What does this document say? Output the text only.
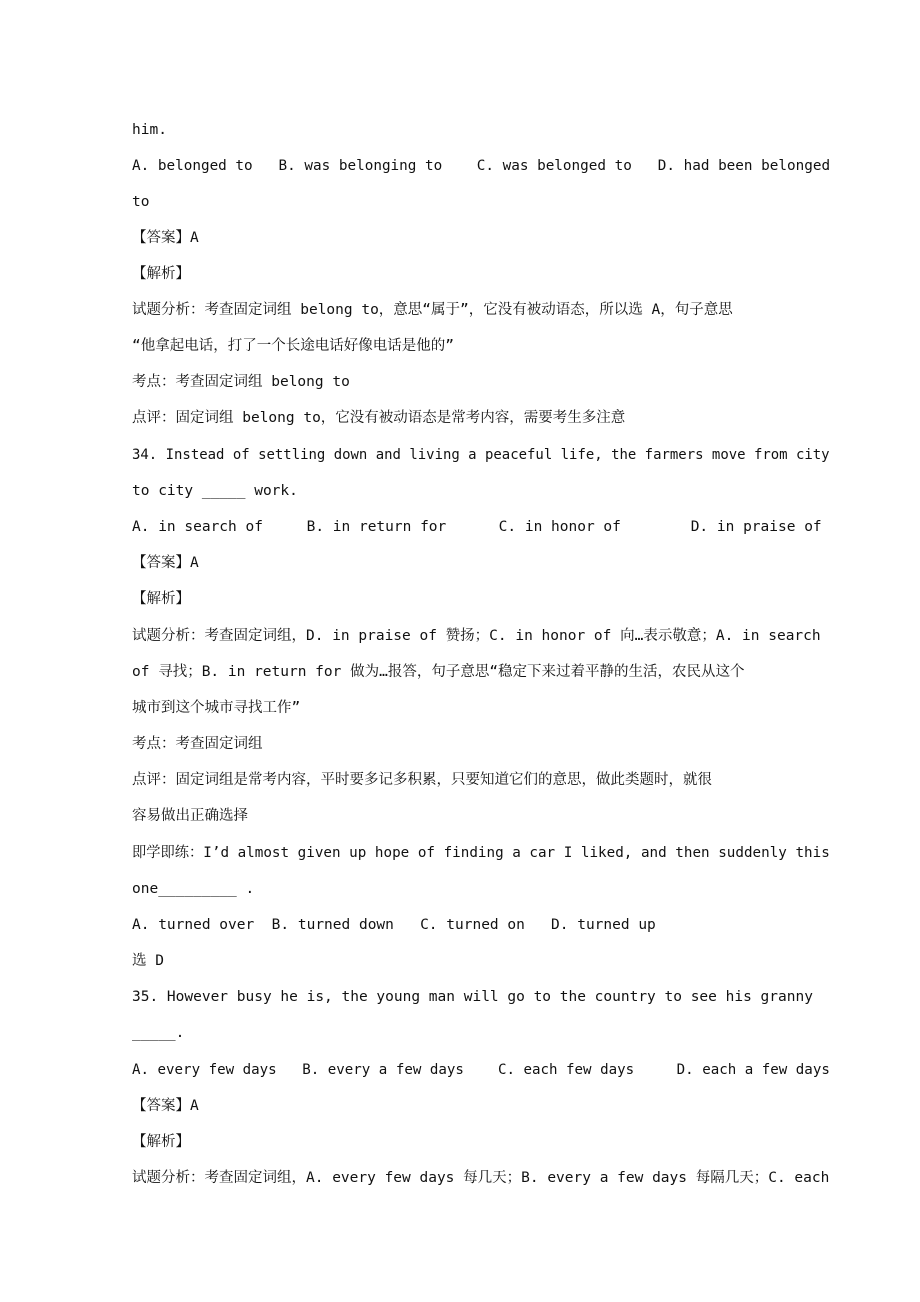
him.
A. belonged to   B. was belonging to    C. was belonged to   D. had been belonged
to
【答案】A
【解析】
试题分析：考查固定词组 belong to，意思“属于”，它没有被动语态，所以选 A，句子意思
“他拿起电话，打了一个长途电话好像电话是他的”
考点：考查固定词组 belong to
点评：固定词组 belong to，它没有被动语态是常考内容，需要考生多注意
34. Instead of settling down and living a peaceful life, the farmers move from city
to city _____ work.
A. in search of     B. in return for      C. in honor of        D. in praise of
【答案】A
【解析】
试题分析：考查固定词组，D. in praise of 赞扬；C. in honor of 向…表示敬意；A. in search
of 寻找；B. in return for 做为…报答，句子意思“稳定下来过着平静的生活，农民从这个
城市到这个城市寻找工作”
考点：考查固定词组
点评：固定词组是常考内容，平时要多记多积累，只要知道它们的意思，做此类题时，就很
容易做出正确选择
即学即练：I’d almost given up hope of finding a car I liked, and then suddenly this
one_________ .
A. turned over  B. turned down   C. turned on   D. turned up
选 D
35. However busy he is, the young man will go to the country to see his granny
_____.
A. every few days   B. every a few days    C. each few days     D. each a few days
【答案】A
【解析】
试题分析：考查固定词组，A. every few days 每几天；B. every a few days 每隔几天；C. each
